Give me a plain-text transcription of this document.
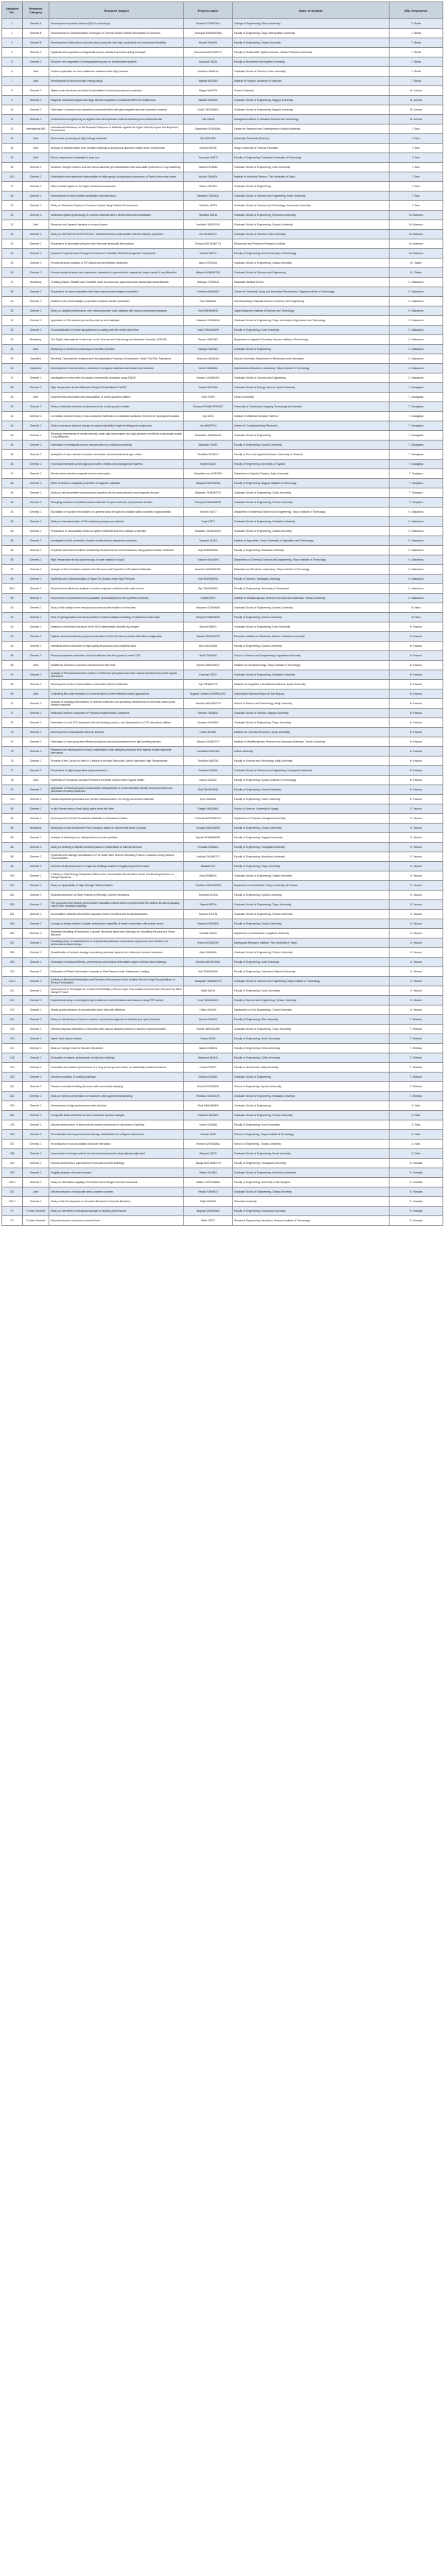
Adoption No.	Research Category	Research Subject	Project Leader	Name of Institute	MSL Researcher
1	General A	Development of private-cultured QSC for anisotropy	Shunichi YOSHIOKA	College of Engineering, Nihon University	T. Morita
2	General B	Development of Characterization Technique of Thermal Shock Fracture Mechanism of Ceramics	Tomoyuki KAWASHIMA	Faculty of Engineering, Tokyo Metropolitan University	T. Morita
3	General B	Development of fully carbon alumina nano-composite with high conductivity and mechanical flexibility	Hiroaki TANAKA	Faculty of Engineering, Osaka University	T. Morita
4	General C	Synthesis and properties of magnetical porous ceramics by freeze-drying technique	Kazunari MATSUMOTO	Faculty of Sustainable System Science, Osaka Prefecture University	T. Morita
5	General C	Structure and magnetism of nanographene grown on functionalized particle	Kazuyuki TAKAI	Faculty of Bioscience and Applied Chemistry	T. Morita
6	Joint	Further exploration for new multiferroic material under high pressure	Yoshihiro KAMIYA	Graduate School of Science, Kobe University	T. Morita
7	Joint	Development of functional high entropy alloys	Takeshi MIZUNO	Institute of Physics, Academy of Sciences	T. Morita
8	General C	Higher-order structures and their functionalities in functional polymeric materials	Shigeo NAKATA	Chubu University	M. Azuma
9	General C	Magnetic structural analysis and large thermal expansion in substituted BiFeO3 multiferroics	Masaki TANAKA	Graduate School of Engineering, Nagoya University	M. Azuma
10	General C	Fabrication of thermal and adsorptive composites filled with giant negative thermal expansion material	Koshi TAKENAKA	Graduate School of Engineering, Nagoya University	M. Azuma
11	General C	Chemical bond engineering of negative thermal expansion material exhibiting local octahedral tilts	Yuki SAKAI	Kanagawa Institute of Industrial Science and Technology	M. Azuma
12	International WS	International Workshop on the Dynamic Response of Materials against the Hyper Velocity Impact and Explosion Phenomena	Masahide KATAYAMA	Center for Research and Development of Hybrid Materials	T. Ikeo
13	Joint	Direct wave processing of high entropy materials	Eiji GOKKEN	University Greenfield (France)	T. Ikeo
14	Joint	Analysis of transformation from metallic materials to amorphous diamond coated under compression	Kenichi INOUE	Kongo University of Teacher Education	T. Ikeo
15	Joint	Shock compression of glassite in case iron	Tomoyuki SAITO	Faculty of Engineering, Toyohashi University of Technology	T. Ikeo
16	General C	Structure change of amino acid and amino acid-like gel characterized with solid-state synchrotron X-ray scattering	Yasushi HONMA	Graduate School of Engineering, Kobe University	T. Ikeo
16-1	General C	Stabilization and elemental functionalities of nitrile groups during impact processes of Earth's primordial ocean	Kazuto TANAKA	Institute of Industrial Science, The University of Tokyo	T. Ikeo
17	General C	Effect of shell impact on the hyper-functional compounds	Tatsuo TAKATA	Graduate School of Engineering	T. Ikeo
18	General C	Development of novel particle accelerator new laboratory	Masahiro TAKADA	Graduate School of Science and Engineering, Kobe University	T. Ikeo
19	General C	Study on Electronic Physics of Covalent Crystal using Extreme Environment	Toshihiro ARITA	Graduate School of Science and Technology, Kumamoto University	T. Ikeo
20	General C	Nonlinear optical spectroscopy in ceramic materials with a defect-influenced substitution	Hidetaka SAKAI	Graduate School of Engineering, Hiroshima University	M. Kitamura
21	Joint	Structural and dynamic features of ceramic layers	Yoshihiro TAKEUCHI	Graduate School of Engineering, Kyushu University	M. Kitamura
22	General C	Study on the PbZrO3-PbTiO3 PbTiO3 - ideal ferroelectric solid solution with ferroelectric properties	Dai OKAMOTO	Graduate School of Science, Kobe University	M. Kitamura
23	General C	Preparation of perovskite phosphor thin films with atomically flat surfaces	Fumiya MATSUMOTO	Electronics and Photonics Research Institute	M. Kitamura
24	General C	Quantum Properties and Emergent Functions in Transition Metal Chalcogenide Compounds	Takashi SAITO	Faculty of Engineering, Kochi University of Technology	M. Kitamura
25	General C	Precise structure analysis of PZT-based and ferroelectric dielectrics	Akira YOSHIDA	Graduate School of Engineering, Osaka University	M. Okabe
26	General C	Precise crystal structure and elastomeric interaction in garnet-ferrite magnets by single crystal X-ray diffraction	Mitsuko HANIMATSU	Graduate School of Science and Engineering	M. Okabe
27	Workshop	Creating Elastic, Reliable and Tuneable, used as precursors aqueous phase nanocrystal nanomaterials	Katsuya YOSHIDA	Kawasaki Medical School	K. Nakamura
28	General C	Preparation of oxide composites with high environmental adaptive properties	Yoshihiro NAKANO	Center for Fostering Young and Innovative Researchers, Nagoya Institute of Technology	K. Nakamura
29	General C	Studies on the photocatalytic properties of layered double hydroxides	Ryo SAWADA	Interdisciplinary Graduate School of Science and Engineering	K. Nakamura
30	General C	Study on catalytic performance over metal-supported solid catalysts with various preparing techniques	Yuki NISHIMURA	Japan Advanced Institute of Science and Technology	K. Nakamura
31	General C	Application of 3D-ordered porous Ms-oxide as acid catalysts	Masahiro SHIMADA	Graduate School of Engineering, Tokyo University of Agriculture and Technology	K. Nakamura
32	General C	Functionalization of metal nanoparticles by coating with thin metal oxide films	Yukio TAKAHASHI	Faculty of Engineering, Kobe University	K. Nakamura
33	Workshop	The Eighth International Conference on the Science and Technology for Advanced Ceramics (STAC8)	Tsuneo NAKANO	Department of Applied Chemistry, Kyushu Institute of Technology	K. Nakamura
34	Joint	Workshop on ceramics processing for excellent function	Kazuya TAKANO	Graduate School of Engineering	K. Nakamura
35	Specified	Electrical Characteristic Analysis and New Application Proposal of Anisotropic Oxide Thin Film Transistors	Mokoshu HAMADA	Kyushu University, Department of Electronics and Informatics	K. Nakamura
36	Specified	Development of several silicon, structures in inorganic materials and related new functions	Toshio SAWADA	Materials and Structures Laboratory, Tokyo Institute of Technology	K. Nakamura
37	General C	Investigation of new earth iron-doped n-perovskite: phosphor using SQUID	Kentaro YAMASAKI	Graduate School of Science and Engineering	K. Nakamura
38	General C	High Temperature in situ Diffraction Study of B-Substituted Cu6O2	Yosuke NISHIDA	Graduate School of Energy Science, Kyoto University	T. Sasagawa
39	Joint	Experimental observation and manipulation of exotic quantum matters	Yulin CHEN	Oxford University	T. Sasagawa
40	General C	Study of collective behavior of electrons in the exotic quantum matter	Cheelya PHANICHPHANT	University of Central and Nanyang Technological University	T. Sasagawa
41	General C	Correlation structure study of low-conductive materials in a candidate substance BiOCuS for topological insulator	Koji SATO	Institute of Materials Structure Science	T. Sasagawa
42	General C	Study of pressure-induced change of superconductivity in layered tetragonal compounds	Jun AKIMITSU	Center for Transdisciplinary Research	T. Sasagawa
43	General C	Structural refinements of mantle minerals under high-temperature and high-pressure conditions using single crystal X-ray diffraction	Takamitsu YAMANAKA	Graduate School of Engineering	T. Sasagawa
44	General C	Fabrication of hexagonal zincous nanostructure by colloidal processing	Masahiko TAKEI	Faculty of Engineering, Kyushu University	T. Sasagawa
45	General C	Analytical of micro-domain formation mechanism of pseudobinomial-type oxides	Toshihiko SUZUKI	Faculty of Pure and Applied Sciences, University of Tsukuba	T. Sasagawa
46	General C	Functional interfaces at strongly polar oxides, nitrides and chalcogenide systems	Keiichi ENDO	Faculty of Engineering, University of Toyama	T. Sasagawa
47	General C	Electric field controlled magnetic domain wall motion	Sebastian von HOEGEN	Department of Applied Physics, Aalto University	T. Taniyama
48	General C	Effect of stress on magnetic properties of magnetic materials	Takayuki NISHIHARA	Faculty of Engineering, Nagoya Institute of Technology	T. Taniyama
49	General C	Study on self-assembled semiconductor quantum dot for semiconductor nanomagnetic devices	Masahiro TAKEMOTO	Graduate School of Engineering, Chiba University	T. Taniyama
50	General C	Emerging functions in transition-based materials for spin electronic, and photonic devices	Tomoyuki NAKAMURA	Graduate School of Engineering, Tohoku University	T. Taniyama
51	General C	Elucidation of reaction mechanism of a general class through an oxidation state-controlled organometallic	Yuichiro KATO	Department of Materials Science and Engineering, Tokyo Institute of Technology	K. Nakamura
52	General C	Study on characterization of FB-containing nanoporous material	Yuya KATO	Graduate School of Engineering, Hokkaido University	K. Nakamura
53	General C	Preparation of nanoparticle metal-Cu system materials and their catalytic properties	Masahiro TAKAHASHI	Graduate School of Engineering, Osaka University	K. Nakamura
54	General C	Investigation of the properties of water-soluble thermo-responsive polymers	Tsuyoshi SUGA	Institute of Agriculture, Tokyo University of Agriculture and Technology	K. Nakamura
55	General C	Properties that have excellent conductivity measurement in semiconductors using plasma surface treatment	Koji NAKAMURA	Faculty of Engineering, Shizuoka University	K. Nakamura
56	General C	High Temperature in situ Spectroscopy for laser ablation in liquid	Yukinori HAYASHI	Department of Chemical Science and Engineering, Tokyo Institute of Technology	K. Nakamura
57	General C	Analysis of the Correlation between the Structure and Properties of Functional Materials	Kazuhiro NAKAMURA	Materials and Structures Laboratory, Tokyo Institute of Technology	K. Nakamura
58	General C	Synthesis and Characterization of Nickel Tin Oxides Under High Pressure	Yuto NISHIMURA	Faculty of Science, Yamagata University	K. Nakamura
58-1	General C	Structural and electronic analysis of metal complexes combined with oxide anions	Ryo TAKAHASHI	Faculty of Engineering, University of Yamanashi	K. Nakamura
59	General C	Improvement of performances of crystalline photocatalysts by new synthesis methods	Hideki KATO	Institute of Multidisciplinary Research for Advanced Materials, Tohoku University	K. Nakamura
60	General C	Study of the acidity on the mesoporous oxide and the fixation of molecules	Masahiro ICHIKAWA	Graduate School of Engineering, Kyushu University	M. Hara
61	General C	Role of hydrogenation and acid properties of hybrid catalyst consisting of metal and metal oxide	Hiroyuki KOBAYASHI	Faculty of Engineering, Gunma University	M. Hara
62	General C	Detection of electronic structure of the SiO2 interpretable disorder by charges	Atsushi IWATA	Graduate School of Engineering, Kobe University	H. Hosono
63	General C	Optical, and thermoelectric property modulation of V2O thin film by electric field-field configuration	Takashi YAMAMOTO	Research Institute for Electronic Science, Hokkaido University	H. Hosono
64	General C	Interfacial atomic structures of high-quality amorphous and crystalline silica	Akio NAKAJIMA	Faculty of Engineering, Kyushu University	H. Hosono
65	General C	Physical properties evaluation of hybrid dielectric thin film grown by novel CVD	Hiroki TANAKA	School of Science and Engineering, Kagoshima University	H. Hosono
66	Joint	Multiferroic behavior in periodic nanostructured thin films	Rumen SIMEONOV	Institute for Nanotechnology, Tokyo Institute of Technology	H. Hosono
67	General C	Analysis of Photoluminescence centers in Si3N4:Eu2 phosphors and other cations introduced by metal organic precursors	Kazunari SATO	Graduate School of Engineering, Hokkaido University	H. Hosono
68	General C	Development of New Functionalities in Abundant Element Materials	Yuji TERAMOTO	Institute for Integrated Cell-Material Sciences, Kyoto University	H. Hosono
69	Joint	Controlling the oxide formation on novel surfaces for their effective control applications	Bogdan Carmelo DOMINGUEZ	Universidad Nacional Mayor de San Marcos	H. Hosono
70	General C	Analysis of charging mechanisms of ordered molecules and spreading mechanisms of molecular-based polar electret materials	Yasuhiro NAKAMOTO	School of Science and Technology, Meiji University	H. Hosono
71	General C	Molecular Devices Composed of Precisely Arrayed Metal Complexes	Kentaro TANAKA	Graduate School of Science, Nagoya University	H. Hosono
72	General C	Fabrication of cold CO2 absorbent with self-heating function, and Optimization for CO2 absorbent utilities	Kentaro HAYASHI	Graduate School of Engineering, Tokyo University	H. Hosono
73	General C	Development of Nanoparticle Memory Devices	Koichi ISHIDA	Institute for Chemical Research, Kyoto University	H. Hosono
74	General C	Fabrication of new group and efficient phosphors and photoluminescent for light emitting devices	Masaru OKAMOTO	Institute of Multidisciplinary Research for Advanced Materials, Tohoku University	H. Hosono
75	General C	Research and development of novel multimetallic oxide catalysts produced from layered double hydroxide precursors	Yoshitaka KOIZUMI	Chiba University	H. Hosono
76	General C	Property of the Carbon-in-Steel in Carbons in through Ultra-wide Carbon Nanotube High Temperatures	Toshihiko MAEDA	Faculty of Science and Technology, Meiji University	H. Hosono
77	General C	Preparation of high-temperature superconductors	Keisuke OKADA	Graduate School of Science and Engineering, Yamaguchi University	H. Hosono
78	Joint	Synthesis of Functional Ceramic Particles from Metal Solution with Organic Matter	Kazuo SUZUKI	Faculty of Engineering, Kyushu Institute of Technology	H. Hosono
79	General C	Application of ferrohydrowave functionalized nanoparticles to environmentally friendly removal process and processes of heavy metal ions	Seiji TAKASHIMA	Faculty of Engineering, Kansai University	H. Hosono
79-1	General C	Solution synthesis processes and precise characterization for energy conversion materials	Kyo TAMURA	Faculty of Engineering, Tottori University	H. Hosono
80	General C	In situ Raman study of ionic liquid gated oxide thin films	Shigeki IWASAKA	School of Science, University of Hyogo	S. Yasuno
81	General C	Development of Novel Ferroelectric Materials in Framework Oxides	Hirofumi MATSUMOTO	Department of Physics, Kanagawa University	S. Yasuno
82	Workshop	Workshop on Non-Destructive Flow Ceramics based on Second Harmonic Concept	Tomoya NAKAMURA	Faculty of Engineering, Tohoku University	S. Yasuno
83	General C	Analysis of sintering force acting between powder particles	Kiyoshi SHIMAMURA	Faculty of Engineering, Kagawa University	S. Yasuno
84	General C	Study on sintering of silicate ceramics based on observation of internal structure	Hirotaka SHIMIZU	Faculty of Engineering, Yamagata University	S. Yasuno
85	General C	Synthesis and Damage Identification of Full-Scale Steel Moment Resisting Frames Collapsed Using Seismic Ground Motion	Yoshiaki OKAMOTO	Faculty of Engineering, Hiroshima University	S. Yasuno
86	General C	Seismic retrofit performance of high-rise buildings based on fragility experiment results	Masaaki ITO	Faculty of Engineering, Tokyo University	S. Yasuno
200	General C	A Study on Total Energy Dissipation Effect of the Concentrated Block Failure Mode and Bending Moment on Design Equations	Kenji SHIBATA	Graduate School of Engineering, Osaka University	S. Yasuno
201	General C	Study on Applicability of High Strength Steel to Beams	Yoshihiro NISHIMURA	Department of Architecture, Tokyo University of Science	S. Yasuno
202	General C	Nonlinear Behavior for Steel Frames of Recently Covered Structures	Tomofumi IKEDA	Faculty of Engineering, Kyushu University	S. Yasuno
203	General C	The proposal of the seismic performance evaluation method which comprehended the seismic structural capacity index of the retrofitted buildings	Takeshi IKEDA	Graduate School of Engineering, Tokyo University	S. Yasuno
204	General C	Accumulative inelastic deformation capacity of steel members and its standardization	Tsutomu FUJITA	Graduate School of Engineering, Tohoku University	S. Yasuno
205	General C	A study on design method of plastic deformation capability of bolted connections with plastic zones	Hideyuki TAMURA	Faculty of Engineering, Tohoku University	S. Yasuno
206	General C	Statistical Modeling of Reinforced Concrete Structural Walls with Openings for Simulating Flexural and Shear Behavior	Yoshiaki SAKAI	Department of Architecture, Kogakuin University	S. Yasuno
207	General C	Feasibility study on establishment of experimental database of structural components and members for performance-based design	Koichi KUSUNOKI	Earthquake Research Institute, The University of Tokyo	S. Yasuno
208	General C	Quantification of seismic damage considering structural systems for reinforced concrete structures	Akito SAWADA	Graduate School of Engineering, Tohoku University	S. Yasuno
209	General C	Evaluation of residual stiffness, performance and residual deformation angle in kitchen steel buildings	Shoichi NAKASHIMA	Faculty of Engineering, Kobe University	S. Yasuno
210	General C	Evaluation of Plastic Deformation Capacity of Steel Beams under Earthquake Loading	Yuki TAKAHASHI	Faculty of Engineering, Yokohama National University	S. Yasuno
210-1	General C	A Study on Residual Deformation and Recovery Performance of the Isolation Device Using Strong Motions in Strong Earthquakes	Tadayoshi YAMAMOTO	Graduate School of Science and Engineering, Tokyo Institute of Technology	S. Yasuno
211	General C	Development of Techniques for Enhanced Reliability of Room-Layer Post-isolated Moment Steel Structure by Steel Damper Frame	Daiki SAKAI	Faculty of Engineering, Kyoto University	S. Yasuno
212	General C	Experimental study on strengthening of reinforced concrete beams and columns using FRP sheets	Kenji TAKAHASHI	Faculty of Science and Engineering, Tohoku University	S. Yasuno
213	General C	Elastic-plastic behavior of concrete-filled steel tube with stiffeners	Hideo OKADA	Department of Civil Engineering, Chubu University	S. Yasuno
214	General C	Study on the behavior of beam-to-column connections subjected to inelastic and cyclic behavior	Atsushi TAKAGI	Faculty of Engineering, Gifu University	T. Shimizu
215	General C	Seismic response estimation of structures with viscous dampers based on real-time hybrid simulation	Yoshiki HASHIZUME	Graduate School of Engineering, Tokyo University	T. Shimizu
216	General C	Hybrid fault rupture studies	Hisami HATA	Faculty of Engineering, Hosei University	T. Shimizu
217	General C	Study on Design Code for Wooden Structures	Takashi MAEDA	Faculty of Engineering, Chiba University	T. Shimizu
218	General C	Evaluation of seismic performance of high-rise buildings	Masanori MUKAI	Faculty of Engineering, Chiba University	T. Shimizu
219	General C	Evaluation and seismic performance of a long-period ground motion on seismically isolated structures	Hiroshi SAITO	Faculty of Architecture, Meiji University	T. Shimizu
220	General C	Seismic evaluation of existing buildings	Keisuke SASAKI	Graduate School of Engineering	T. Shimizu
221	General C	Passive controlled building structures with semi-active damping	Kenji KOGASHIRA	School of Engineering, Kyushu University	T. Shimizu
222	General C	Study on seismic performance of structures with supplemental damping	Hirotaka TAKEUCHI	Graduate School of Engineering, Hokkaido University	T. Shimizu
223	General C	Development of high-performance steel structure	Shoji NAKAMURA	Graduate School of Engineering	D. Sato
224	General C	Composite beam elements for use in nonlinear dynamic analysis	Yoshihiro SUZUKI	Graduate School of Engineering, Tohoku University	D. Sato
225	General C	Seismic performance of beam-column-brace connections for structures in building	Yoshio OGAWA	Faculty of Engineering, Kochi University	D. Sato
226	General C	Re-evaluation and improvement of damage classification for collapse assessment	Yasushi ARAI	School of Engineering, Tokyo Institute of Technology	D. Sato
227	General C	Re-evaluation of soil-foundation-structure interaction	Hiroshi KUROSAWA	School of Engineering, Tohoku University	D. Sato
228	General C	Improvement of design method for structural components using high-strength steel	Hideyuki SATO	Graduate School of Engineering, Hosei University	D. Sato
229	General C	Seismic performance improvement of precast concrete buildings	Takuya MATSUMOTO	Faculty of Engineering, Yamaguchi University	S. Yamada
230	General C	Fragility analysis of wooden houses	Hideki UCHIDA	Graduate School of Engineering, Hiroshima University	S. Yamada
230-1	General C	Study on information capacity of combined steel bridges and their behaviour	Wataru KUROSAWA	Faculty of Engineering, University of the Ryukyus	S. Yamada
231	Joint	Seismic behavior of composite steel-concrete columns	Hiroshi KANEKO	Graduate School of Engineering, Osaka University	S. Yamada
231-1	General C	Study of the Development of Corroded Reinforced Concrete Members	Seiji NISHIDA	Shizuoka University	S. Yamada
F1	F-index General	Study on the effects of structural damage on building performance	Akiyoshi ARAKAWA	Faculty of Engineering, Kumamoto University	S. Yamada
F2	F-index General	Seismic behavior of precast concrete floors	Mikio SATO	Structural Engineering Laboratory, Muroran Institute of Technology	S. Yamada
